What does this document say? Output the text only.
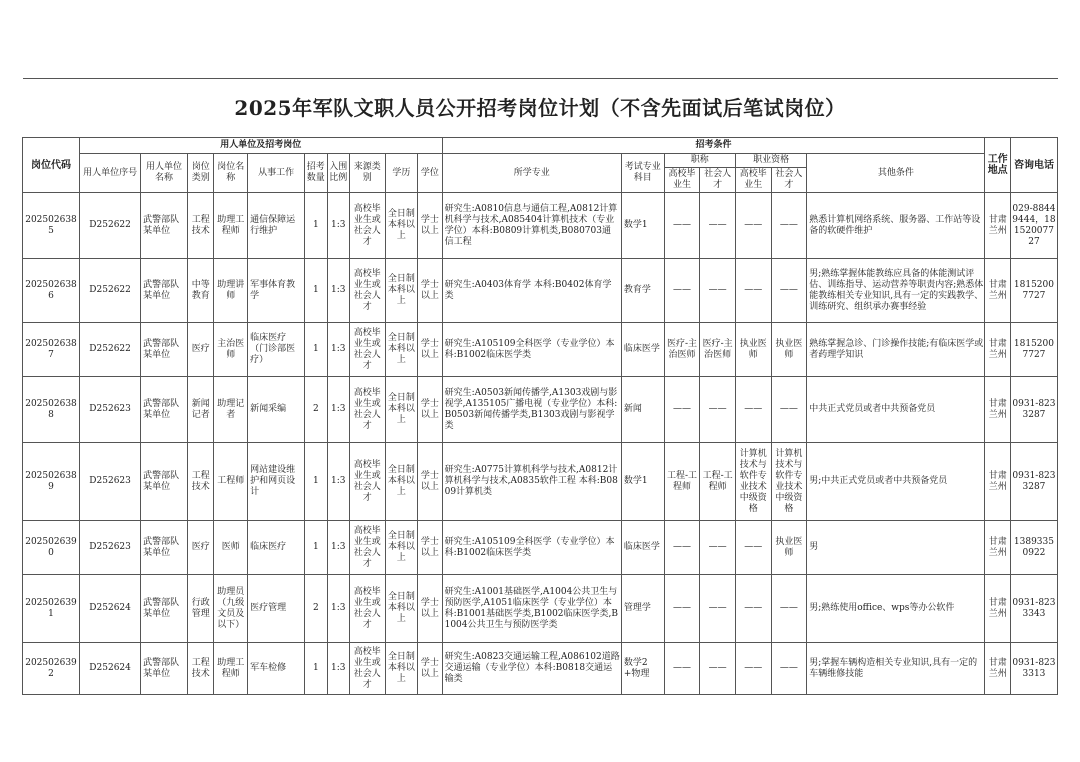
2025年军队文职人员公开招考岗位计划（不含先面试后笔试岗位）																			
岗位代码	用人单位及招考岗位										招考条件							工作地点	咨询电话
	用人单位序号	用人单位名称	岗位类别	岗位名称	从事工作	招考数量	入围比例	来源类别	学历	学位	所学专业	考试专业科目	职称		职业资格		其他条件		
													高校毕业生	社会人才	高校毕业生	社会人才			
2025026385	D252622	武警部队某单位	工程技术	助理工程师	通信保障运行维护	1	1:3	高校毕业生或社会人才	全日制本科以上	学士以上	研究生:A0810信息与通信工程,A0812计算机科学与技术,A085404计算机技术（专业学位）本科:B0809计算机类,B080703通信工程	数学1	——	——	——	——	熟悉计算机网络系统、服务器、工作站等设备的软硬件维护	甘肃兰州	029-88449444，18152007727
2025026386	D252622	武警部队某单位	中等教育	助理讲师	军事体育教学	1	1:3	高校毕业生或社会人才	全日制本科以上	学士以上	研究生:A0403体育学 本科:B0402体育学类	教育学	——	——	——	——	男;熟练掌握体能教练应具备的体能测试评估、训练指导、运动营养等职责内容;熟悉体能教练相关专业知识,具有一定的实践教学、训练研究、组织承办赛事经验	甘肃兰州	18152007727
2025026387	D252622	武警部队某单位	医疗	主治医师	临床医疗（门诊部医疗）	1	1:3	高校毕业生或社会人才	全日制本科以上	学士以上	研究生:A105109全科医学（专业学位）本科:B1002临床医学类	临床医学	医疗-主治医师	医疗-主治医师	执业医师	执业医师	熟练掌握急诊、门诊操作技能;有临床医学或者药理学知识	甘肃兰州	18152007727
2025026388	D252623	武警部队某单位	新闻记者	助理记者	新闻采编	2	1:3	高校毕业生或社会人才	全日制本科以上	学士以上	研究生:A0503新闻传播学,A1303戏剧与影视学,A135105广播电视（专业学位）本科:B0503新闻传播学类,B1303戏剧与影视学类	新闻	——	——	——	——	中共正式党员或者中共预备党员	甘肃兰州	0931-8233287
2025026389	D252623	武警部队某单位	工程技术	工程师	网站建设维护和网页设计	1	1:3	高校毕业生或社会人才	全日制本科以上	学士以上	研究生:A0775计算机科学与技术,A0812计算机科学与技术,A0835软件工程 本科:B0809计算机类	数学1	工程-工程师	工程-工程师	计算机技术与软件专业技术中级资格	计算机技术与软件专业技术中级资格	男;中共正式党员或者中共预备党员	甘肃兰州	0931-8233287
2025026390	D252623	武警部队某单位	医疗	医师	临床医疗	1	1:3	高校毕业生或社会人才	全日制本科以上	学士以上	研究生:A105109全科医学（专业学位）本科:B1002临床医学类	临床医学	——	——	——	执业医师	男	甘肃兰州	13893350922
2025026391	D252624	武警部队某单位	行政管理	助理员（九级文员及以下）	医疗管理	2	1:3	高校毕业生或社会人才	全日制本科以上	学士以上	研究生:A1001基础医学,A1004公共卫生与预防医学,A1051临床医学（专业学位）本科:B1001基础医学类,B1002临床医学类,B1004公共卫生与预防医学类	管理学	——	——	——	——	男;熟练使用office、wps等办公软件	甘肃兰州	0931-8233343
2025026392	D252624	武警部队某单位	工程技术	助理工程师	军车检修	1	1:3	高校毕业生或社会人才	全日制本科以上	学士以上	研究生:A0823交通运输工程,A086102道路交通运输（专业学位）本科:B0818交通运输类	数学2+物理	——	——	——	——	男;掌握车辆构造相关专业知识,具有一定的车辆维修技能	甘肃兰州	0931-8233313
